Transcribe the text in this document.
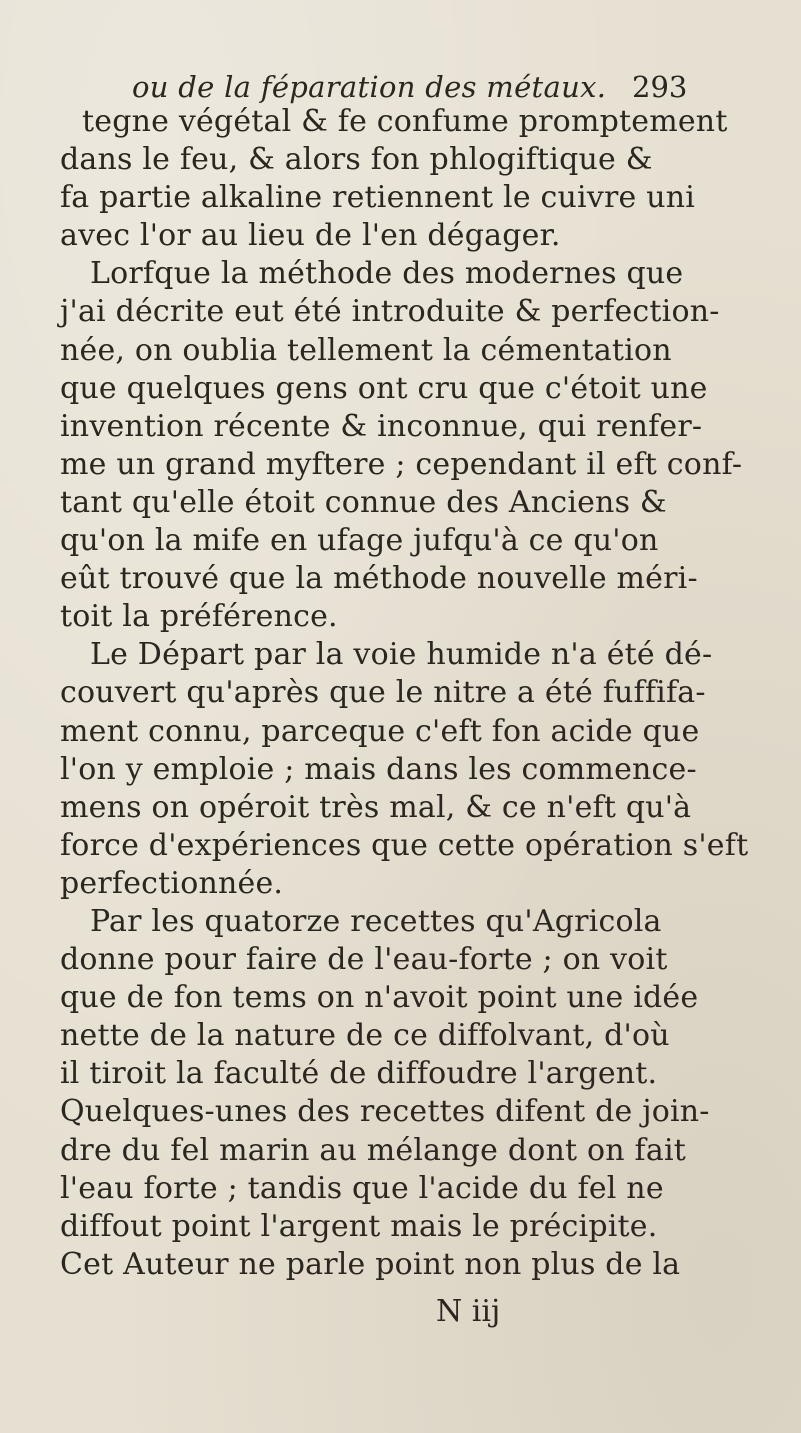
ou de la féparation des métaux. 293
tegne végétal & fe confume promptement
dans le feu, & alors fon phlogiftique &
fa partie alkaline retiennent le cuivre uni
avec l'or au lieu de l'en dégager.
Lorfque la méthode des modernes que
j'ai décrite eut été introduite & perfection-
née, on oublia tellement la cémentation
que quelques gens ont cru que c'étoit une
invention récente & inconnue, qui renfer-
me un grand myftere ; cependant il eft conf-
tant qu'elle étoit connue des Anciens &
qu'on la mife en ufage jufqu'à ce qu'on
eût trouvé que la méthode nouvelle méri-
toit la préférence.
Le Départ par la voie humide n'a été dé-
couvert qu'après que le nitre a été fuffifa-
ment connu, parceque c'eft fon acide que
l'on y emploie ; mais dans les commence-
mens on opéroit très mal, & ce n'eft qu'à
force d'expériences que cette opération s'eft
perfectionnée.
Par les quatorze recettes qu'Agricola
donne pour faire de l'eau-forte ; on voit
que de fon tems on n'avoit point une idée
nette de la nature de ce diffolvant, d'où
il tiroit la faculté de diffoudre l'argent.
Quelques-unes des recettes difent de join-
dre du fel marin au mélange dont on fait
l'eau forte ; tandis que l'acide du fel ne
diffout point l'argent mais le précipite.
Cet Auteur ne parle point non plus de la
N iij
